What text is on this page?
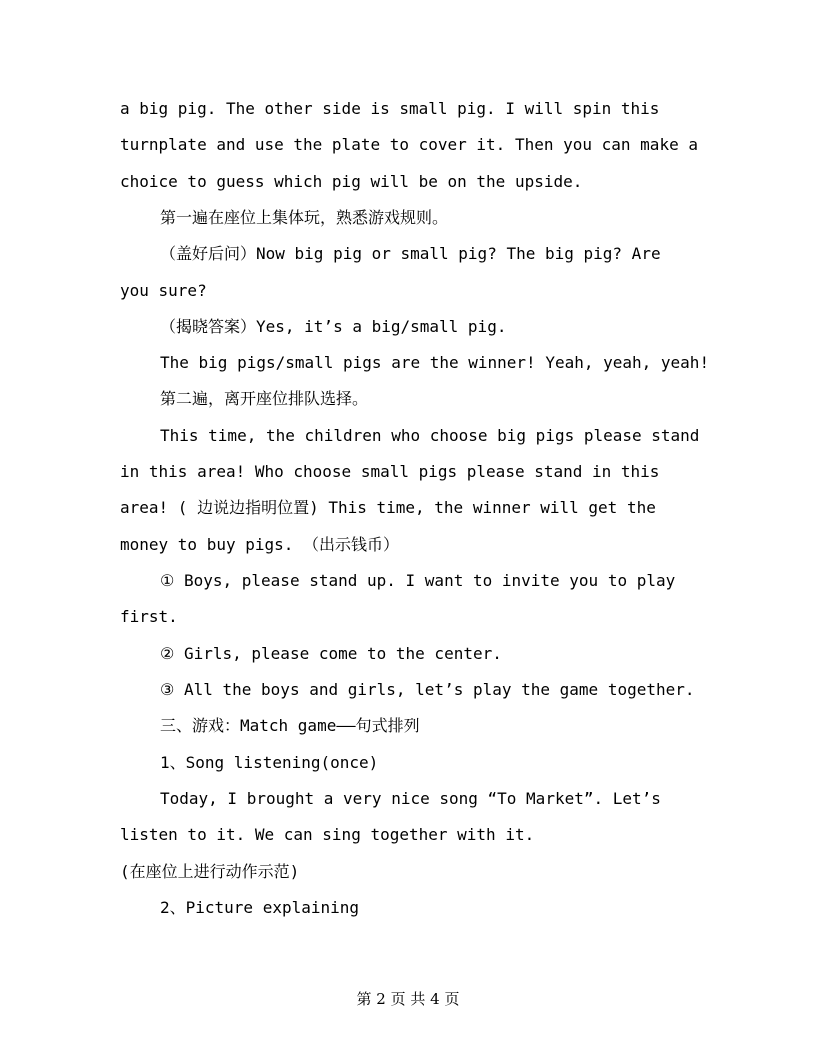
a big pig. The other side is small pig. I will spin this
turnplate and use the plate to cover it. Then you can make a
choice to guess which pig will be on the upside.
第一遍在座位上集体玩，熟悉游戏规则。
（盖好后问）Now big pig or small pig? The big pig? Are
you sure?
（揭晓答案）Yes, it’s a big/small pig.
The big pigs/small pigs are the winner! Yeah, yeah, yeah!
第二遍，离开座位排队选择。
This time, the children who choose big pigs please stand
in this area! Who choose small pigs please stand in this
area! ( 边说边指明位置) This time, the winner will get the
money to buy pigs. （出示钱币）
① Boys, please stand up. I want to invite you to play
first.
② Girls, please come to the center.
③ All the boys and girls, let’s play the game together.
三、游戏：Match game——句式排列
1、Song listening(once)
Today, I brought a very nice song “To Market”. Let’s
listen to it. We can sing together with it.
(在座位上进行动作示范)
2、Picture explaining
第 2 页 共 4 页
